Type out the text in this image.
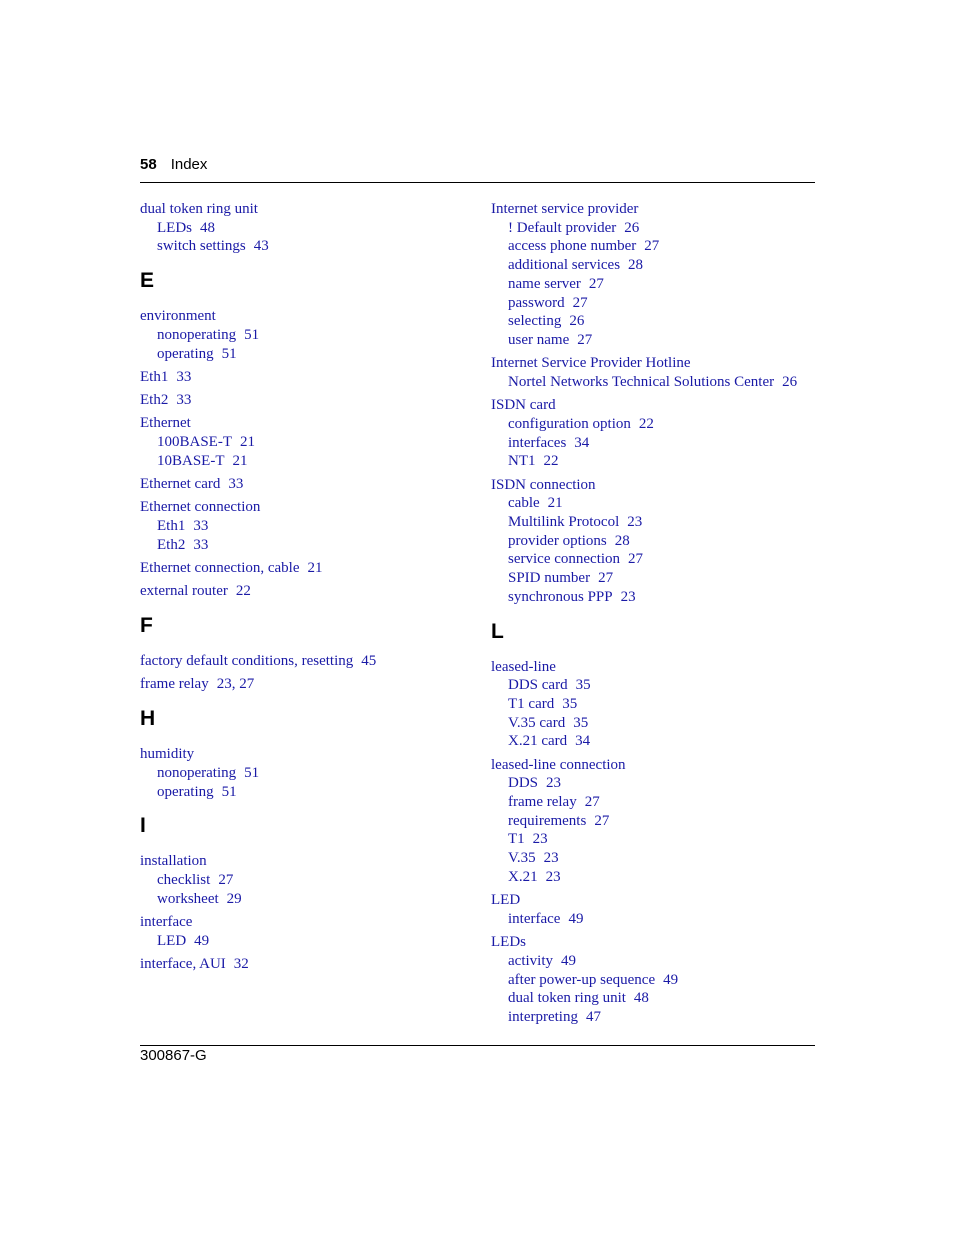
58 Index
dual token ring unit
LEDs 48
switch settings 43
E
environment
nonoperating 51
operating 51
Eth1 33
Eth2 33
Ethernet
100BASE-T 21
10BASE-T 21
Ethernet card 33
Ethernet connection
Eth1 33
Eth2 33
Ethernet connection, cable 21
external router 22
F
factory default conditions, resetting 45
frame relay 23, 27
H
humidity
nonoperating 51
operating 51
I
installation
checklist 27
worksheet 29
interface
LED 49
interface, AUI 32
Internet service provider
! Default provider 26
access phone number 27
additional services 28
name server 27
password 27
selecting 26
user name 27
Internet Service Provider Hotline
Nortel Networks Technical Solutions Center 26
ISDN card
configuration option 22
interfaces 34
NT1 22
ISDN connection
cable 21
Multilink Protocol 23
provider options 28
service connection 27
SPID number 27
synchronous PPP 23
L
leased-line
DDS card 35
T1 card 35
V.35 card 35
X.21 card 34
leased-line connection
DDS 23
frame relay 27
requirements 27
T1 23
V.35 23
X.21 23
LED
interface 49
LEDs
activity 49
after power-up sequence 49
dual token ring unit 48
interpreting 47
300867-G
